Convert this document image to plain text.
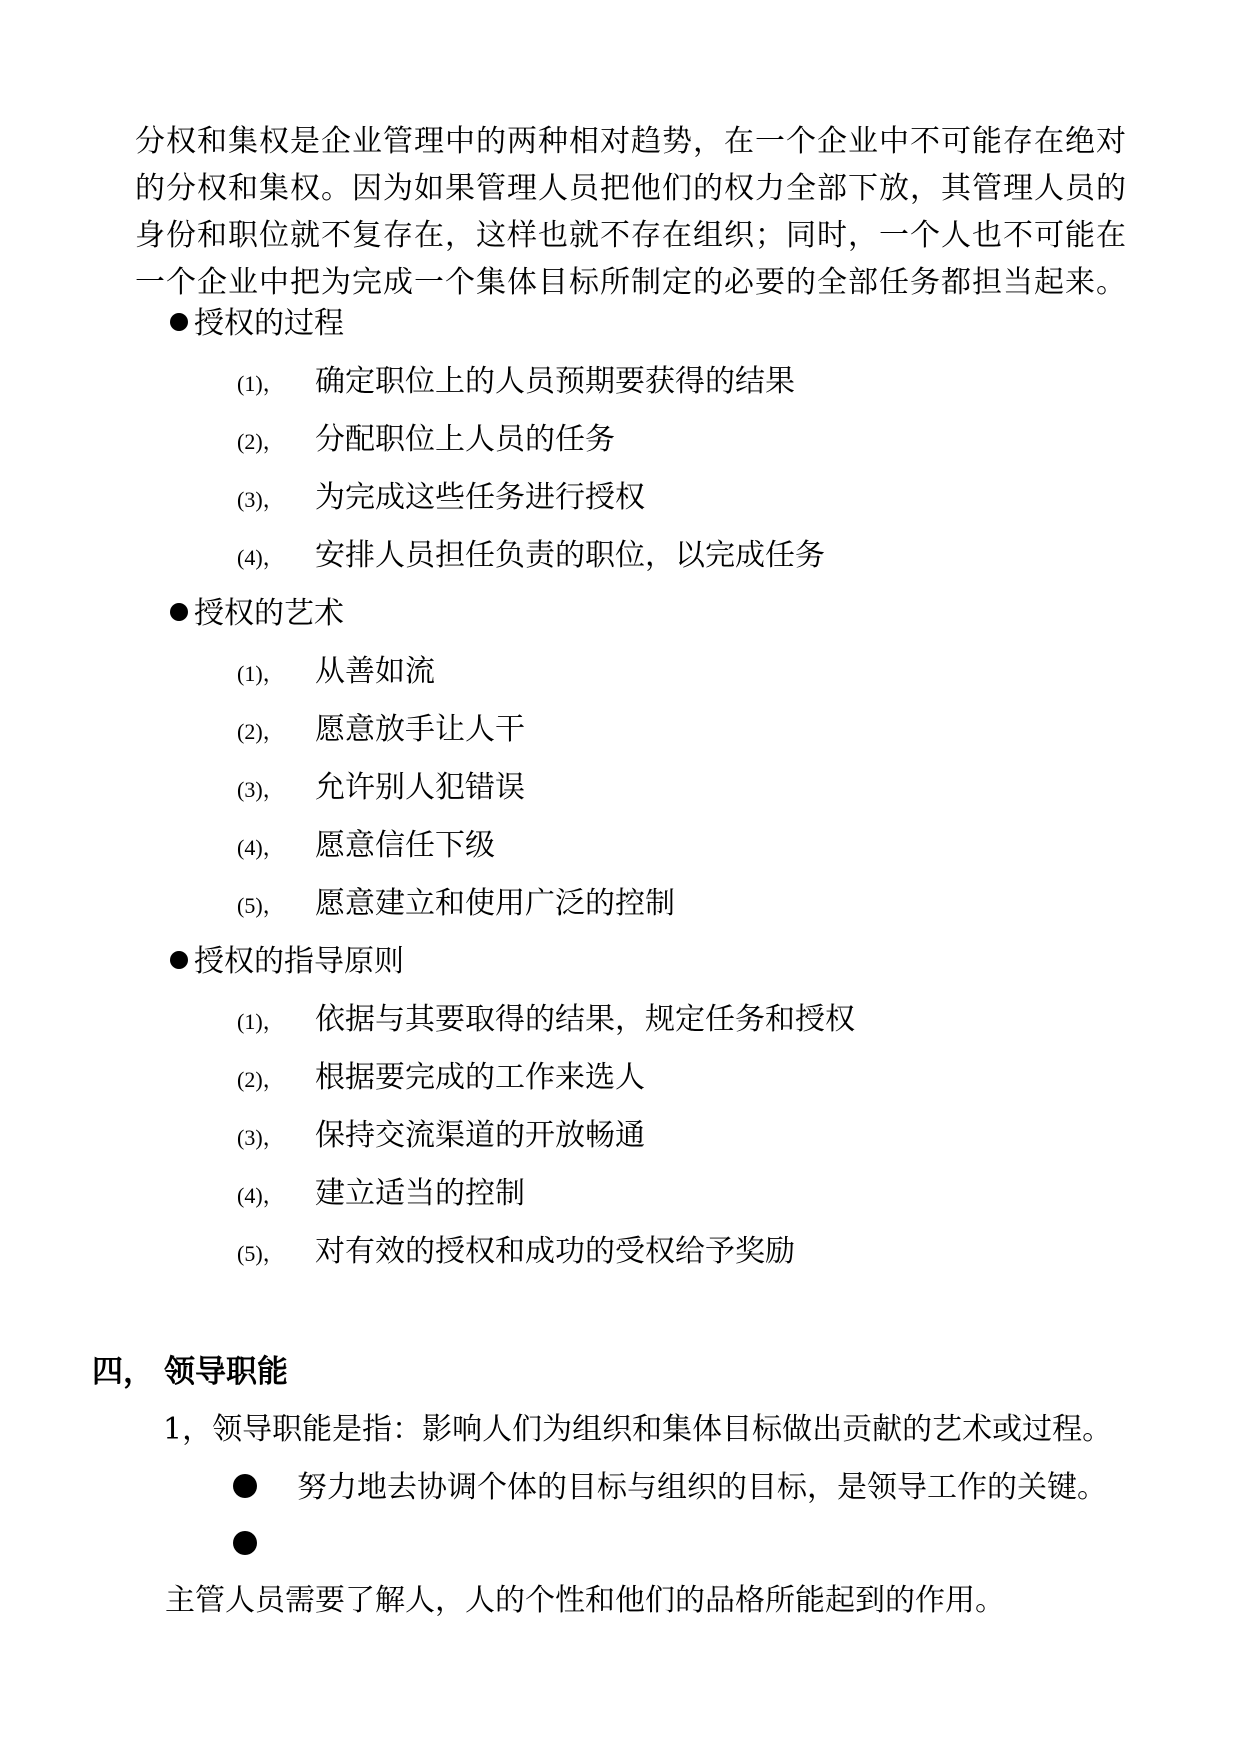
分权和集权是企业管理中的两种相对趋势，在一个企业中不可能存在绝对
的分权和集权。因为如果管理人员把他们的权力全部下放，其管理人员的
身份和职位就不复存在，这样也就不存在组织；同时，一个人也不可能在
一个企业中把为完成一个集体目标所制定的必要的全部任务都担当起来。

授权的过程
(1)， 确定职位上的人员预期要获得的结果
(2)， 分配职位上人员的任务
(3)， 为完成这些任务进行授权
(4)， 安排人员担任负责的职位，以完成任务
授权的艺术
(1)， 从善如流
(2)， 愿意放手让人干
(3)， 允许别人犯错误
(4)， 愿意信任下级
(5)， 愿意建立和使用广泛的控制
授权的指导原则
(1)， 依据与其要取得的结果，规定任务和授权
(2)， 根据要完成的工作来选人
(3)， 保持交流渠道的开放畅通
(4)， 建立适当的控制
(5)， 对有效的授权和成功的受权给予奖励
四， 领导职能
1，领导职能是指：影响人们为组织和集体目标做出贡献的艺术或过程。
努力地去协调个体的目标与组织的目标，是领导工作的关键。
主管人员需要了解人，人的个性和他们的品格所能起到的作用。
